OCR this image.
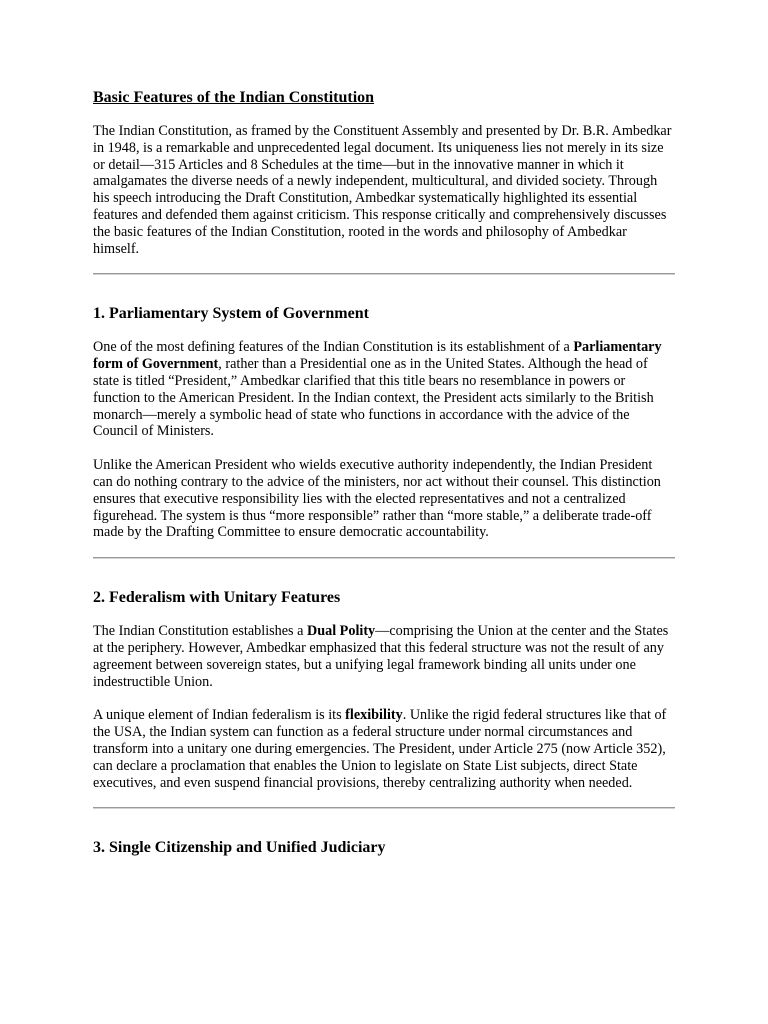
Basic Features of the Indian Constitution

The Indian Constitution, as framed by the Constituent Assembly and presented by Dr. B.R. Ambedkar in 1948, is a remarkable and unprecedented legal document. Its uniqueness lies not merely in its size or detail—315 Articles and 8 Schedules at the time—but in the innovative manner in which it amalgamates the diverse needs of a newly independent, multicultural, and divided society. Through his speech introducing the Draft Constitution, Ambedkar systematically highlighted its essential features and defended them against criticism. This response critically and comprehensively discusses the basic features of the Indian Constitution, rooted in the words and philosophy of Ambedkar himself.

1. Parliamentary System of Government

One of the most defining features of the Indian Constitution is its establishment of a Parliamentary form of Government, rather than a Presidential one as in the United States. Although the head of state is titled “President,” Ambedkar clarified that this title bears no resemblance in powers or function to the American President. In the Indian context, the President acts similarly to the British monarch—merely a symbolic head of state who functions in accordance with the advice of the Council of Ministers.

Unlike the American President who wields executive authority independently, the Indian President can do nothing contrary to the advice of the ministers, nor act without their counsel. This distinction ensures that executive responsibility lies with the elected representatives and not a centralized figurehead. The system is thus “more responsible” rather than “more stable,” a deliberate trade-off made by the Drafting Committee to ensure democratic accountability.

2. Federalism with Unitary Features

The Indian Constitution establishes a Dual Polity—comprising the Union at the center and the States at the periphery. However, Ambedkar emphasized that this federal structure was not the result of any agreement between sovereign states, but a unifying legal framework binding all units under one indestructible Union.

A unique element of Indian federalism is its flexibility. Unlike the rigid federal structures like that of the USA, the Indian system can function as a federal structure under normal circumstances and transform into a unitary one during emergencies. The President, under Article 275 (now Article 352), can declare a proclamation that enables the Union to legislate on State List subjects, direct State executives, and even suspend financial provisions, thereby centralizing authority when needed.

3. Single Citizenship and Unified Judiciary
